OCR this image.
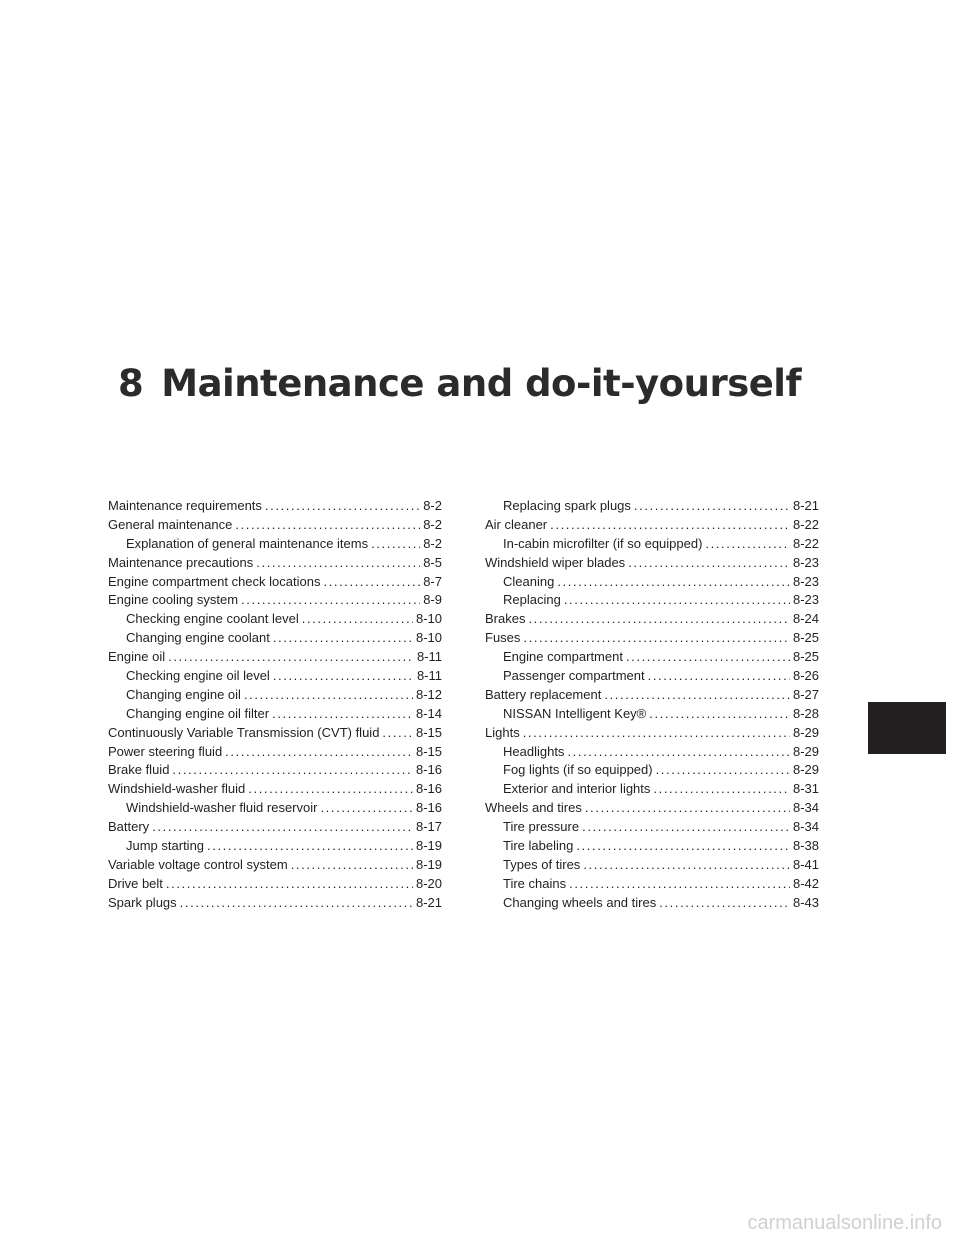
8 Maintenance and do-it-yourself
Maintenance requirements .....	8-2
General maintenance .....	8-2
Explanation of general maintenance items .....	8-2
Maintenance precautions .....	8-5
Engine compartment check locations .....	8-7
Engine cooling system .....	8-9
Checking engine coolant level .....	8-10
Changing engine coolant .....	8-10
Engine oil .....	8-11
Checking engine oil level .....	8-11
Changing engine oil .....	8-12
Changing engine oil filter .....	8-14
Continuously Variable Transmission (CVT) fluid .....	8-15
Power steering fluid .....	8-15
Brake fluid .....	8-16
Windshield-washer fluid .....	8-16
Windshield-washer fluid reservoir .....	8-16
Battery .....	8-17
Jump starting .....	8-19
Variable voltage control system .....	8-19
Drive belt .....	8-20
Spark plugs .....	8-21
Replacing spark plugs .....	8-21
Air cleaner .....	8-22
In-cabin microfilter (if so equipped) .....	8-22
Windshield wiper blades .....	8-23
Cleaning .....	8-23
Replacing .....	8-23
Brakes .....	8-24
Fuses .....	8-25
Engine compartment .....	8-25
Passenger compartment .....	8-26
Battery replacement .....	8-27
NISSAN Intelligent Key® .....	8-28
Lights .....	8-29
Headlights .....	8-29
Fog lights (if so equipped) .....	8-29
Exterior and interior lights .....	8-31
Wheels and tires .....	8-34
Tire pressure .....	8-34
Tire labeling .....	8-38
Types of tires .....	8-41
Tire chains .....	8-42
Changing wheels and tires .....	8-43
carmanualsonline.info
